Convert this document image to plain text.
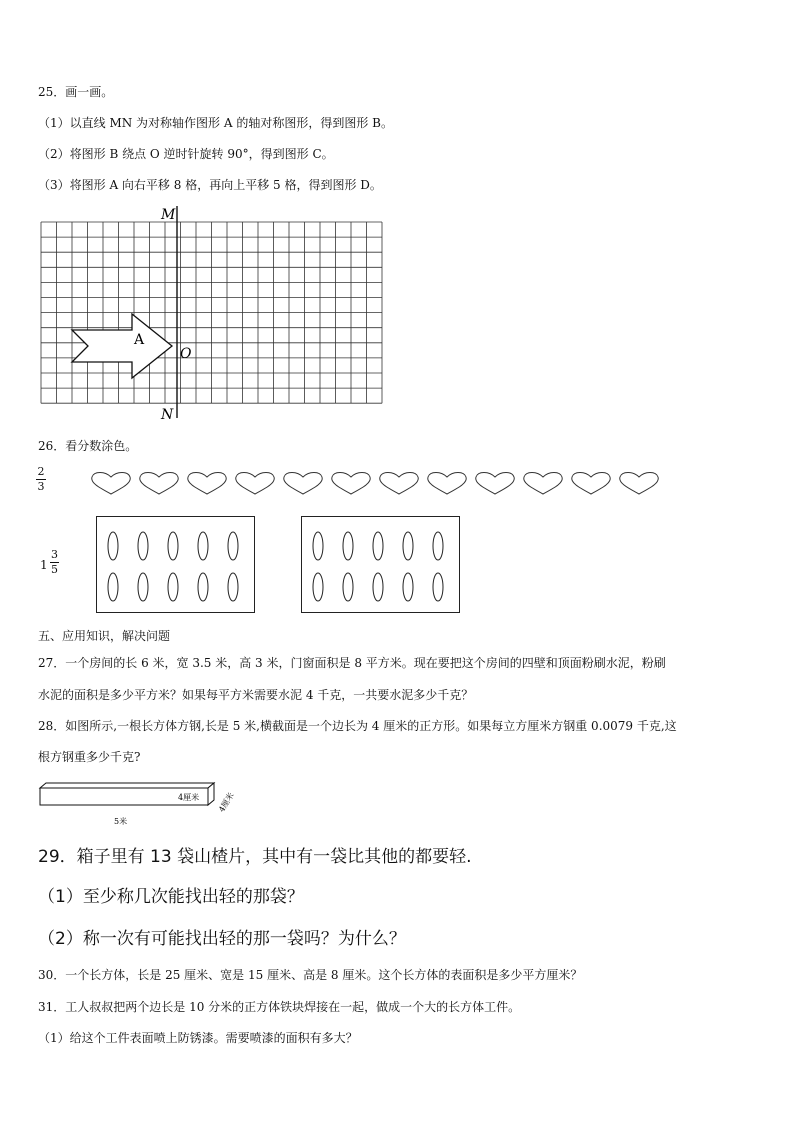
25．画一画。
（1）以直线 MN 为对称轴作图形 A 的轴对称图形，得到图形 B。
（2）将图形 B 绕点 O 逆时针旋转 90°，得到图形 C。
（3）将图形 A 向右平移 8 格，再向上平移 5 格，得到图形 D。
M
N
O
A
26．看分数涂色。
2
3
1
3
5
五、应用知识，解决问题
27．一个房间的长 6 米，宽 3.5 米，高 3 米，门窗面积是 8 平方米。现在要把这个房间的四壁和顶面粉刷水泥，粉刷
水泥的面积是多少平方米？如果每平方米需要水泥 4 千克，一共要水泥多少千克？
28．如图所示,一根长方体方钢,长是 5 米,横截面是一个边长为 4 厘米的正方形。如果每立方厘米方钢重 0.0079 千克,这
根方钢重多少千克?
4厘米 4厘米
5米
29．箱子里有 13 袋山楂片，其中有一袋比其他的都要轻.
（1）至少称几次能找出轻的那袋？
（2）称一次有可能找出轻的那一袋吗？为什么？
30．一个长方体，长是 25 厘米、宽是 15 厘米、高是 8 厘米。这个长方体的表面积是多少平方厘米？
31．工人叔叔把两个边长是 10 分米的正方体铁块焊接在一起，做成一个大的长方体工件。
（1）给这个工件表面喷上防锈漆。需要喷漆的面积有多大？
